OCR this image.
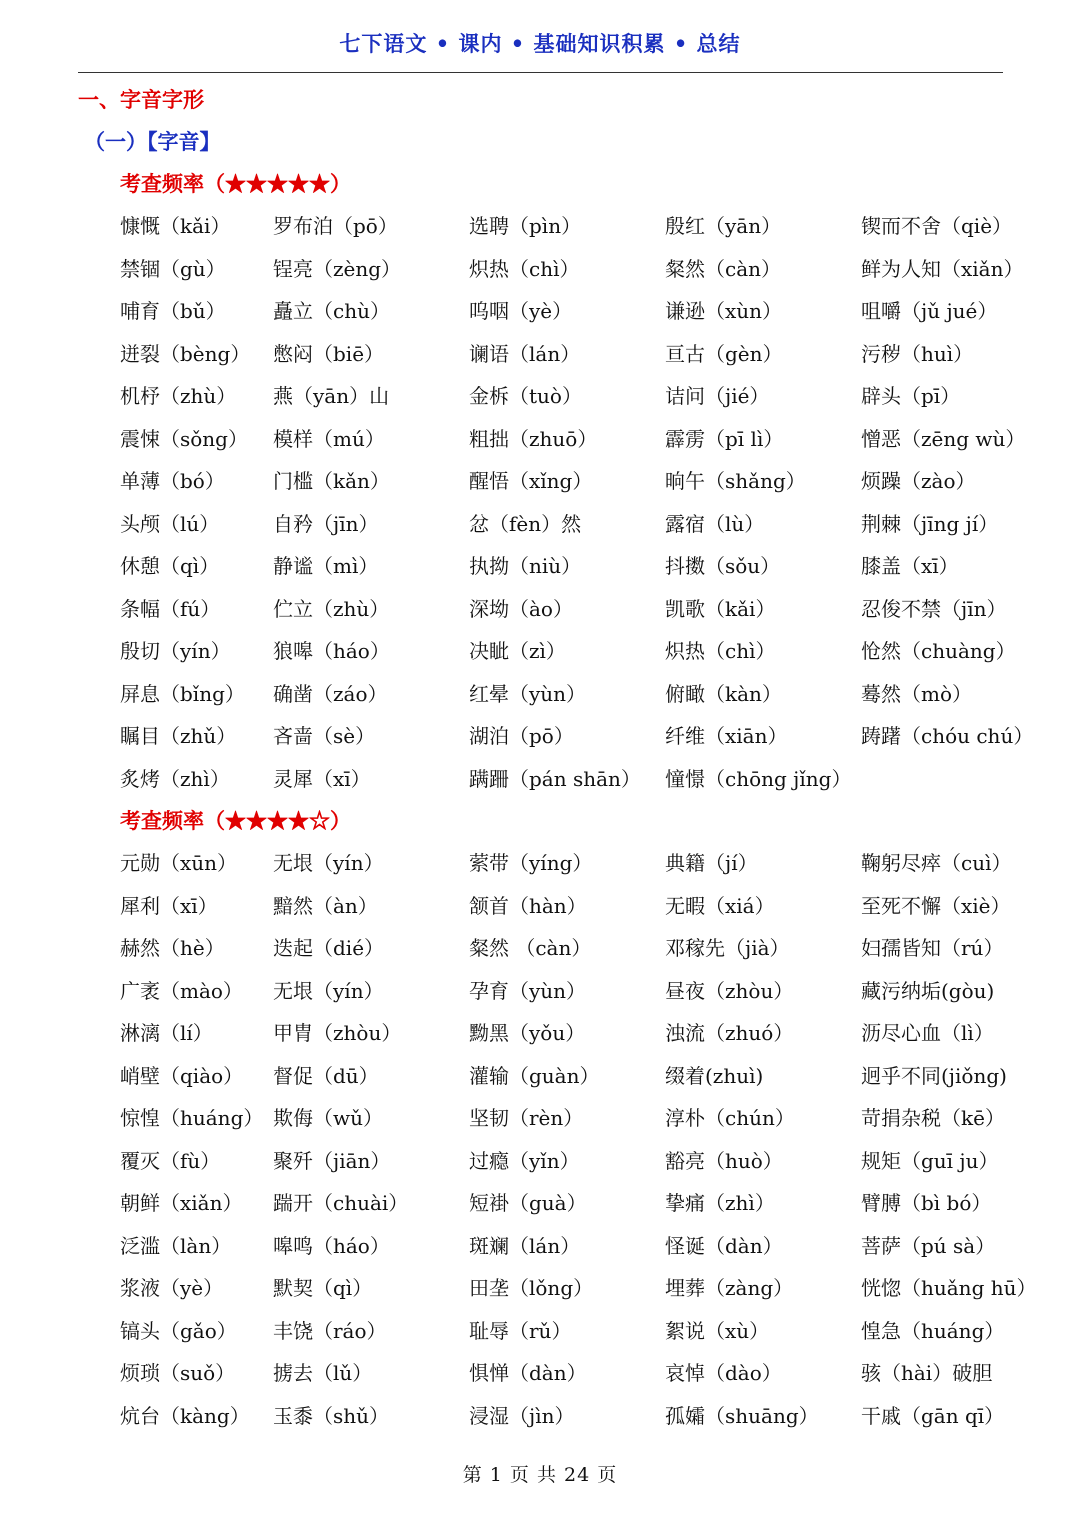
七下语文 • 课内 • 基础知识积累 • 总结
一、字音字形
（一）【字音】
考查频率（★★★★★）
慷慨（kǎi） 罗布泊（pō）	选聘（pìn）	殷红（yān）	锲而不舍（qiè）
禁锢（gù） 锃亮（zèng）	炽热（chì）	粲然（càn）	鲜为人知（xiǎn）
哺育（bǔ） 矗立（chù）	呜咽（yè）	谦逊（xùn）	咀嚼（jǔ jué）
迸裂（bèng） 憋闷（biē）	谰语（lán）	亘古（gèn）	污秽（huì）
机杼（zhù） 燕（yān）山	金柝（tuò）	诘问（jié）	辟头（pī）
震悚（sǒng） 模样（mú）	粗拙（zhuō）	霹雳（pī lì）	憎恶（zēng wù）
单薄（bó） 门槛（kǎn）	醒悟（xǐng）	晌午（shǎng）	烦躁（zào）
头颅（lú）	自矜（jīn）	忿（fèn）然	露宿（lù）	荆棘（jīng jí）
休憩（qì）	静谧（mì）	执拗（niù）	抖擞（sǒu）	膝盖（xī）
条幅（fú）	伫立（zhù）	深坳（ào）	凯歌（kǎi）	忍俊不禁（jīn）
殷切（yín） 狼嗥（háo）	决眦（zì）	炽热（chì）	怆然（chuàng）
屏息（bǐng） 确凿（záo）	红晕（yùn）	俯瞰（kàn）	蓦然（mò）
瞩目（zhǔ） 吝啬（sè）	湖泊（pō）	纤维（xiān）	踌躇（chóu chú）
炙烤（zhì） 灵犀（xī）	蹒跚（pán shān） 憧憬（chōng jǐng）
考查频率（★★★★☆）
元勋（xūn） 无垠（yín）	萦带（yíng）	典籍（jí）	鞠躬尽瘁（cuì）
犀利（xī）	黯然（àn）	颔首（hàn）	无暇（xiá）	至死不懈（xiè）
赫然（hè） 迭起（dié）	粲然 （càn）	邓稼先（jià）	妇孺皆知（rú）
广袤（mào） 无垠（yín）	孕育（yùn）	昼夜（zhòu）	藏污纳垢(gòu)
淋漓（lí）	甲胄（zhòu）	黝黑（yǒu）	浊流（zhuó）	沥尽心血（lì）
峭壁（qiào） 督促（dū）	灌输（guàn）	缀着(zhuì)	迥乎不同(jiǒng)
惊惶（huáng） 欺侮（wǔ）	坚韧（rèn）	淳朴（chún）	苛捐杂税（kē）
覆灭（fù）	聚歼（jiān）	过瘾（yǐn）	豁亮（huò）	规矩（guī ju）
朝鲜（xiǎn） 踹开（chuài）	短褂（guà）	挚痛（zhì）	臂膊（bì bó）
泛滥（làn） 嗥鸣（háo）	斑斓（lán）	怪诞（dàn）	菩萨（pú sà）
浆液（yè） 默契（qì）	田垄（lǒng）	埋葬（zàng）	恍惚（huǎng hū）
镐头（gǎo） 丰饶（ráo）	耻辱（rǔ）	絮说（xù）	惶急（huáng）
烦琐（suǒ） 掳去（lǔ）	惧惮（dàn）	哀悼（dào）	骇（hài）破胆
炕台（kàng） 玉黍（shǔ）	浸湿（jìn）	孤孀（shuāng） 干戚（gān qī）
第 1 页 共 24 页
